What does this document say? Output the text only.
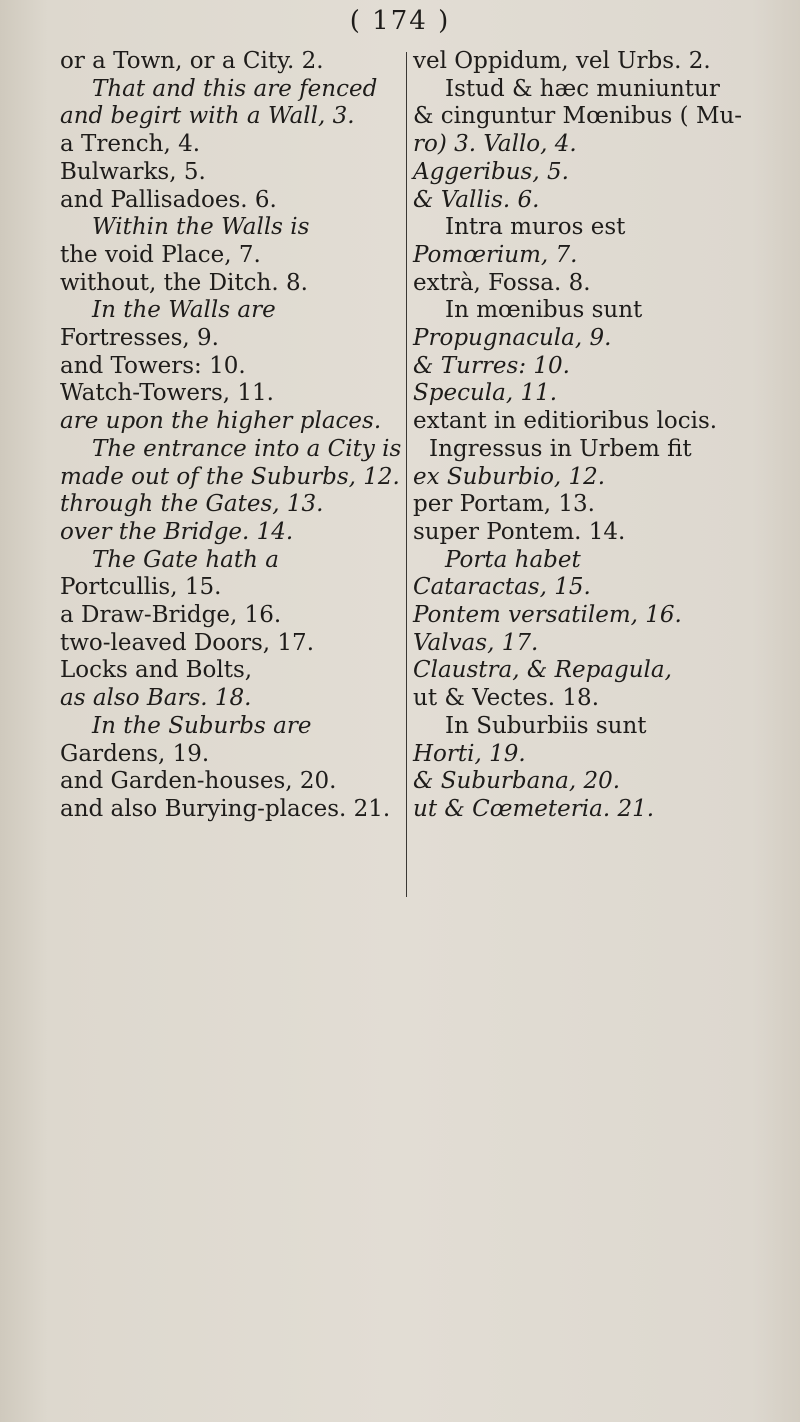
( 174 )
or a Town, or a City. 2.
That and this are fenced
and begirt with a Wall, 3.
a Trench, 4.
Bulwarks, 5.
and Pallisadoes. 6.
Within the Walls is
the void Place, 7.
without, the Ditch. 8.
In the Walls are
Fortresses, 9.
and Towers: 10.
Watch-Towers, 11.
are upon the higher places.
The entrance into a City is
made out of the Suburbs, 12.
through the Gates, 13.
over the Bridge. 14.
The Gate hath a
Portcullis, 15.
a Draw-Bridge, 16.
two-leaved Doors, 17.
Locks and Bolts,
as also Bars. 18.
In the Suburbs are
Gardens, 19.
and Garden-houses, 20.
and also Burying-places. 21.
vel Oppidum, vel Urbs. 2.
Istud & hæc muniuntur
& cinguntur Mœnibus ( Mu-
ro) 3. Vallo, 4.
Aggeribus, 5.
& Vallis. 6.
Intra muros est
Pomœrium, 7.
extrà, Fossa. 8.
In mœnibus sunt
Propugnacula, 9.
& Turres: 10.
Specula, 11.
extant in editioribus locis.
Ingressus in Urbem fit
ex Suburbio, 12.
per Portam, 13.
super Pontem. 14.
Porta habet
Cataractas, 15.
Pontem versatilem, 16.
Valvas, 17.
Claustra, & Repagula,
ut & Vectes. 18.
In Suburbiis sunt
Horti, 19.
& Suburbana, 20.
ut & Cœmeteria. 21.
